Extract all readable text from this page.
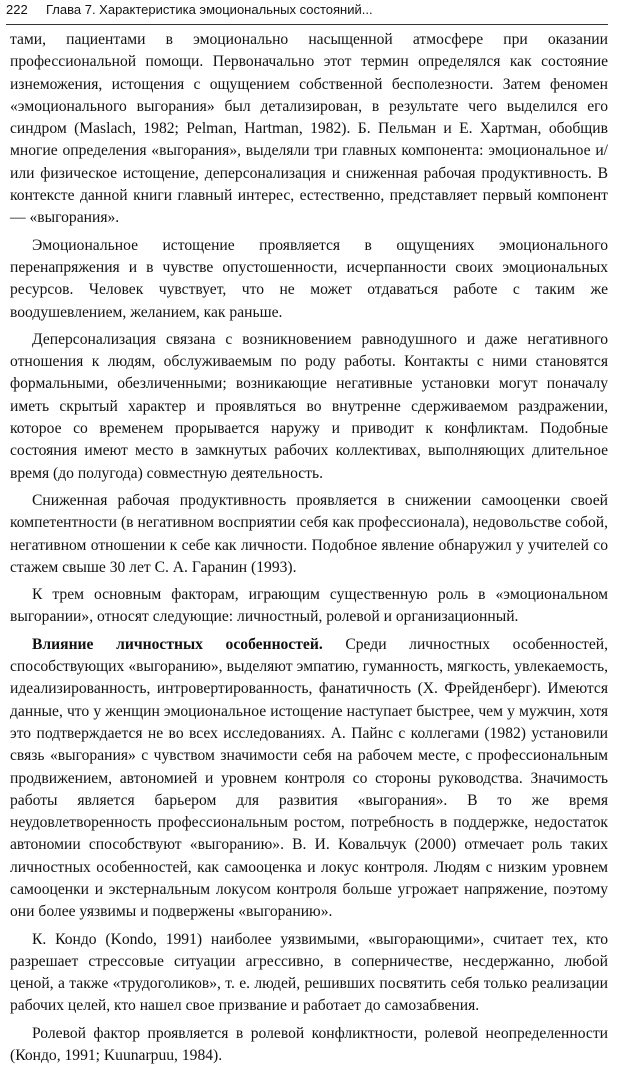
222 Глава 7. Характеристика эмоциональных состояний...

тами, пациентами в эмоционально насыщенной атмосфере при оказании профессиональной помощи. Первоначально этот термин определялся как состояние изнеможения, истощения с ощущением собственной бесполезности. Затем феномен «эмоционального выгорания» был детализирован, в результате чего выделился его синдром (Maslach, 1982; Pelman, Hartman, 1982). Б. Пельман и Е. Хартман, обобщив многие определения «выгорания», выделяли три главных компонента: эмоциональное и/или физическое истощение, деперсонализация и сниженная рабочая продуктивность. В контексте данной книги главный интерес, естественно, представляет первый компонент — «выгорания».

Эмоциональное истощение проявляется в ощущениях эмоционального перенапряжения и в чувстве опустошенности, исчерпанности своих эмоциональных ресурсов. Человек чувствует, что не может отдаваться работе с таким же воодушевлением, желанием, как раньше.

Деперсонализация связана с возникновением равнодушного и даже негативного отношения к людям, обслуживаемым по роду работы. Контакты с ними становятся формальными, обезличенными; возникающие негативные установки могут поначалу иметь скрытый характер и проявляться во внутренне сдерживаемом раздражении, которое со временем прорывается наружу и приводит к конфликтам. Подобные состояния имеют место в замкнутых рабочих коллективах, выполняющих длительное время (до полугода) совместную деятельность.

Сниженная рабочая продуктивность проявляется в снижении самооценки своей компетентности (в негативном восприятии себя как профессионала), недовольстве собой, негативном отношении к себе как личности. Подобное явление обнаружил у учителей со стажем свыше 30 лет С. А. Гаранин (1993).

К трем основным факторам, играющим существенную роль в «эмоциональном выгорании», относят следующие: личностный, ролевой и организационный.

Влияние личностных особенностей. Среди личностных особенностей, способствующих «выгоранию», выделяют эмпатию, гуманность, мягкость, увлекаемость, идеализированность, интровертированность, фанатичность (Х. Фрейденберг). Имеются данные, что у женщин эмоциональное истощение наступает быстрее, чем у мужчин, хотя это подтверждается не во всех исследованиях. А. Пайнс с коллегами (1982) установили связь «выгорания» с чувством значимости себя на рабочем месте, с профессиональным продвижением, автономией и уровнем контроля со стороны руководства. Значимость работы является барьером для развития «выгорания». В то же время неудовлетворенность профессиональным ростом, потребность в поддержке, недостаток автономии способствуют «выгоранию». В. И. Ковальчук (2000) отмечает роль таких личностных особенностей, как самооценка и локус контроля. Людям с низким уровнем самооценки и экстернальным локусом контроля больше угрожает напряжение, поэтому они более уязвимы и подвержены «выгоранию».

К. Кондо (Kondo, 1991) наиболее уязвимыми, «выгорающими», считает тех, кто разрешает стрессовые ситуации агрессивно, в соперничестве, несдержанно, любой ценой, а также «трудоголиков», т. е. людей, решивших посвятить себя только реализации рабочих целей, кто нашел свое призвание и работает до самозабвения.

Ролевой фактор проявляется в ролевой конфликтности, ролевой неопределенности (Кондо, 1991; Kuunarpuu, 1984).
